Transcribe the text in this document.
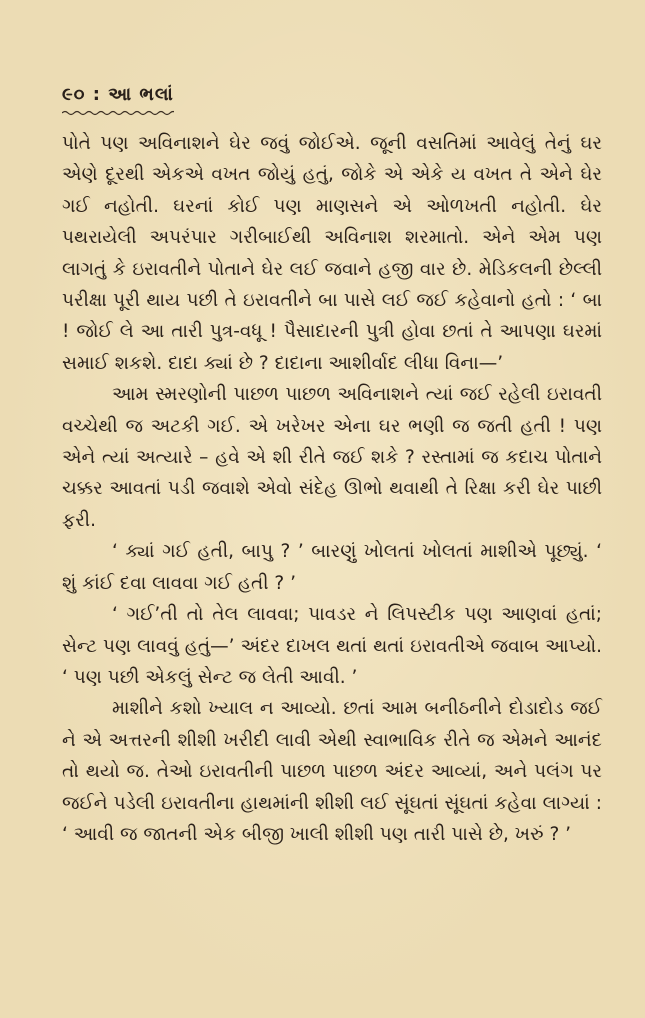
૯૦ : આ ભલાં

પોતે પણ અવિનાશને ઘેર જવું જોઈએ. જૂની વસતિમાં આવેલું તેનું ઘર એણે દૂરથી એકએ વખત જોયું હતું, જોકે એ એકે ય વખત તે એને ઘેર ગઈ નહોતી. ઘરનાં કોઈ પણ માણસને એ ઓળખતી નહોતી. ઘેર પથરાયેલી અપરંપાર ગરીબાઈથી અવિનાશ શરમાતો. એને એમ પણ લાગતું કે ઇરાવતીને પોતાને ઘેર લઈ જવાને હજી વાર છે. મેડિકલની છેલ્લી પરીક્ષા પૂરી થાય પછી તે ઇરાવતીને બા પાસે લઈ જઈ કહેવાનો હતો : ‘ બા ! જોઈ લે આ તારી પુત્ર-વધૂ ! પૈસાદારની પુત્રી હોવા છતાં તે આપણા ઘરમાં સમાઈ શકશે. દાદા ક્યાં છે ? દાદાના આશીર્વાદ લીધા વિના—’

આમ સ્મરણોની પાછળ પાછળ અવિનાશને ત્યાં જઈ રહેલી ઇરાવતી વચ્ચેથી જ અટકી ગઈ. એ ખરેખર એના ઘર ભણી જ જતી હતી ! પણ એને ત્યાં અત્યારે – હવે એ શી રીતે જઈ શકે ? રસ્તામાં જ કદાચ પોતાને ચક્કર આવતાં પડી જવાશે એવો સંદેહ ઊભો થવાથી તે રિક્ષા કરી ઘેર પાછી ફરી.

‘ ક્યાં ગઈ હતી, બાપુ ? ’ બારણું ખોલતાં ખોલતાં માશીએ પૂછ્યું. ‘ શું કાંઈ દવા લાવવા ગઈ હતી ? ’

‘ ગઈ’તી તો તેલ લાવવા; પાવડર ને લિપસ્ટીક પણ આણવાં હતાં; સેન્ટ પણ લાવવું હતું—’ અંદર દાખલ થતાં થતાં ઇરાવતીએ જવાબ આપ્યો. ‘ પણ પછી એકલું સેન્ટ જ લેતી આવી. ’

માશીને કશો ખ્યાલ ન આવ્યો. છતાં આમ બનીઠનીને દોડાદોડ જઈ ને એ અત્તરની શીશી ખરીદી લાવી એથી સ્વાભાવિક રીતે જ એમને આનંદ તો થયો જ. તેઓ ઇરાવતીની પાછળ પાછળ અંદર આવ્યાં, અને પલંગ પર જઈને પડેલી ઇરાવતીના હાથમાંની શીશી લઈ સૂંઘતાં સૂંઘતાં કહેવા લાગ્યાં : ‘ આવી જ જાતની એક બીજી ખાલી શીશી પણ તારી પાસે છે, ખરું ? ’
